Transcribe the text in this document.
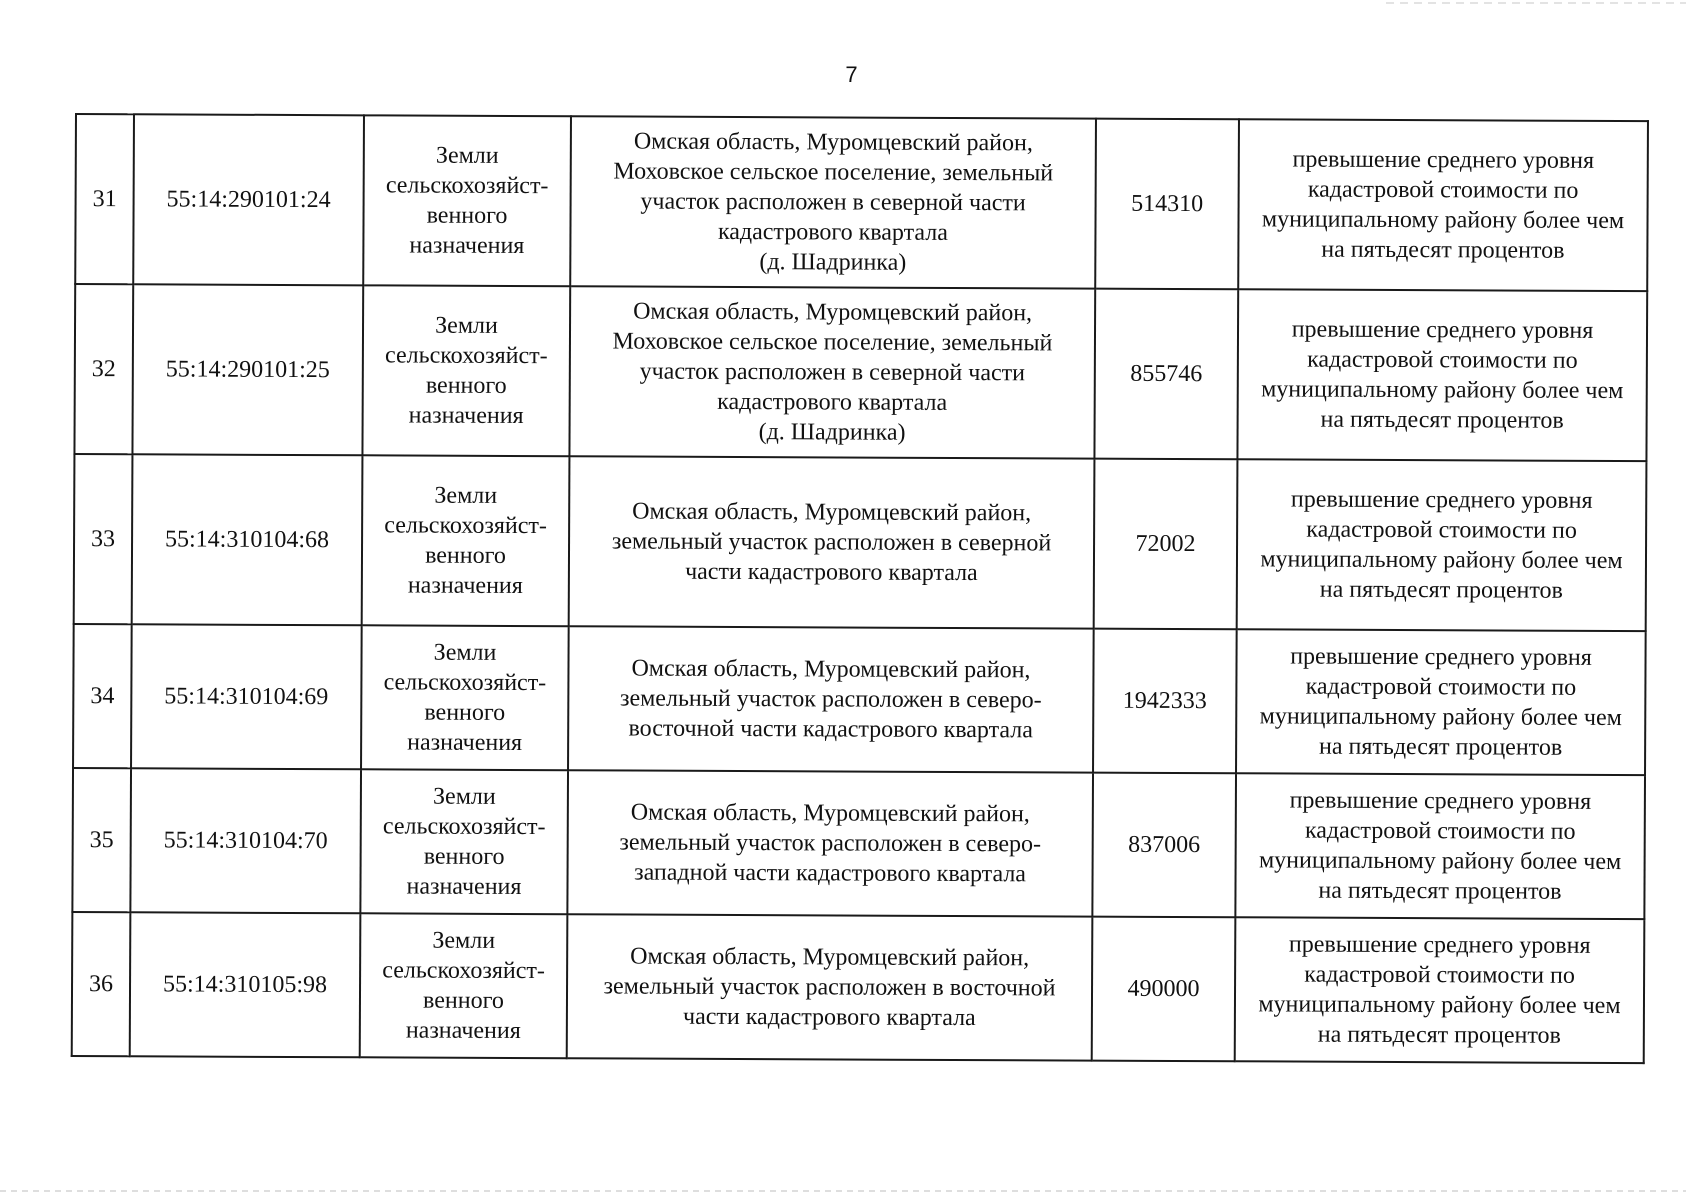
7
31	55:14:290101:24	Земли
сельскохозяйст-
венного
назначения	Омская область, Муромцевский район,
Моховское сельское поселение, земельный
участок расположен в северной части
кадастрового квартала
(д. Шадринка)	514310	превышение среднего уровня
кадастровой стоимости по
муниципальному району более чем
на пятьдесят процентов
32	55:14:290101:25	Земли
сельскохозяйст-
венного
назначения	Омская область, Муромцевский район,
Моховское сельское поселение, земельный
участок расположен в северной части
кадастрового квартала
(д. Шадринка)	855746	превышение среднего уровня
кадастровой стоимости по
муниципальному району более чем
на пятьдесят процентов
33	55:14:310104:68	Земли
сельскохозяйст-
венного
назначения	Омская область, Муромцевский район,
земельный участок расположен в северной
части кадастрового квартала	72002	превышение среднего уровня
кадастровой стоимости по
муниципальному району более чем
на пятьдесят процентов
34	55:14:310104:69	Земли
сельскохозяйст-
венного
назначения	Омская область, Муромцевский район,
земельный участок расположен в северо-
восточной части кадастрового квартала	1942333	превышение среднего уровня
кадастровой стоимости по
муниципальному району более чем
на пятьдесят процентов
35	55:14:310104:70	Земли
сельскохозяйст-
венного
назначения	Омская область, Муромцевский район,
земельный участок расположен в северо-
западной части кадастрового квартала	837006	превышение среднего уровня
кадастровой стоимости по
муниципальному району более чем
на пятьдесят процентов
36	55:14:310105:98	Земли
сельскохозяйст-
венного
назначения	Омская область, Муромцевский район,
земельный участок расположен в восточной
части кадастрового квартала	490000	превышение среднего уровня
кадастровой стоимости по
муниципальному району более чем
на пятьдесят процентов
